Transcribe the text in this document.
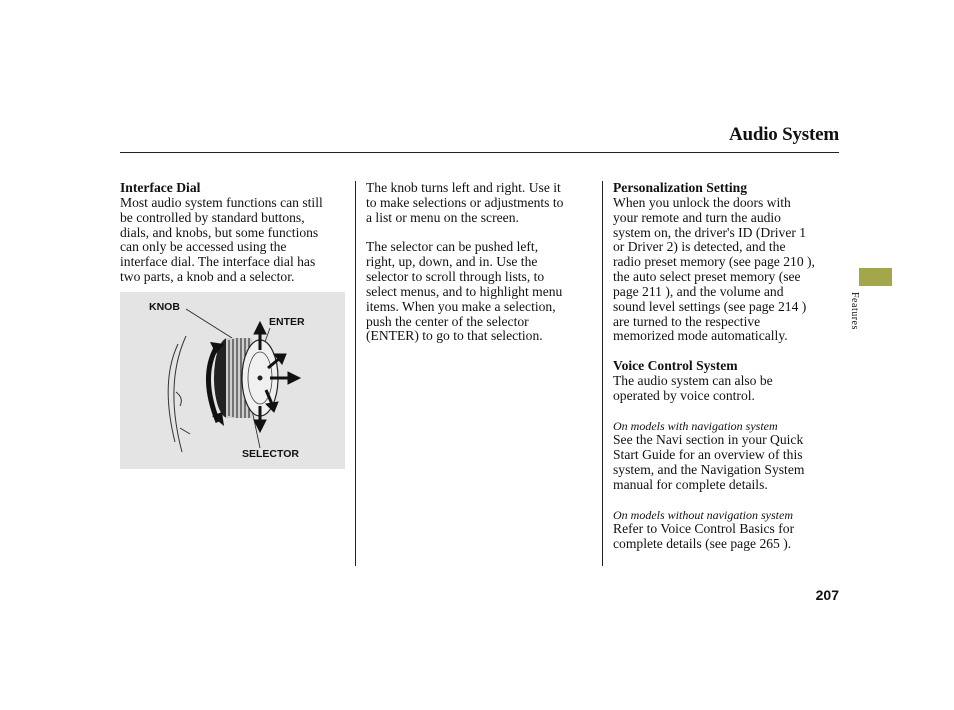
Audio System

Interface Dial

Most audio system functions can still

be controlled by standard buttons,

dials, and knobs, but some functions

can only be accessed using the

interface dial. The interface dial has

two parts, a knob and a selector.

KNOB
ENTER
SELECTOR

The knob turns left and right. Use it

to make selections or adjustments to

a list or menu on the screen.

The selector can be pushed left,

right, up, down, and in. Use the

selector to scroll through lists, to

select menus, and to highlight menu

items. When you make a selection,

push the center of the selector

(ENTER) to go to that selection.

Personalization Setting

When you unlock the doors with

your remote and turn the audio

system on, the driver's ID (Driver 1

or Driver 2) is detected, and the

radio preset memory (see page 210 ),

the auto select preset memory (see

page 211 ), and the volume and

sound level settings (see page 214 )

are turned to the respective

memorized mode automatically.

Voice Control System

The audio system can also be

operated by voice control.

On models with navigation system

See the Navi section in your Quick

Start Guide for an overview of this

system, and the Navigation System

manual for complete details.

On models without navigation system

Refer to Voice Control Basics for

complete details (see page 265 ).

Features
207
